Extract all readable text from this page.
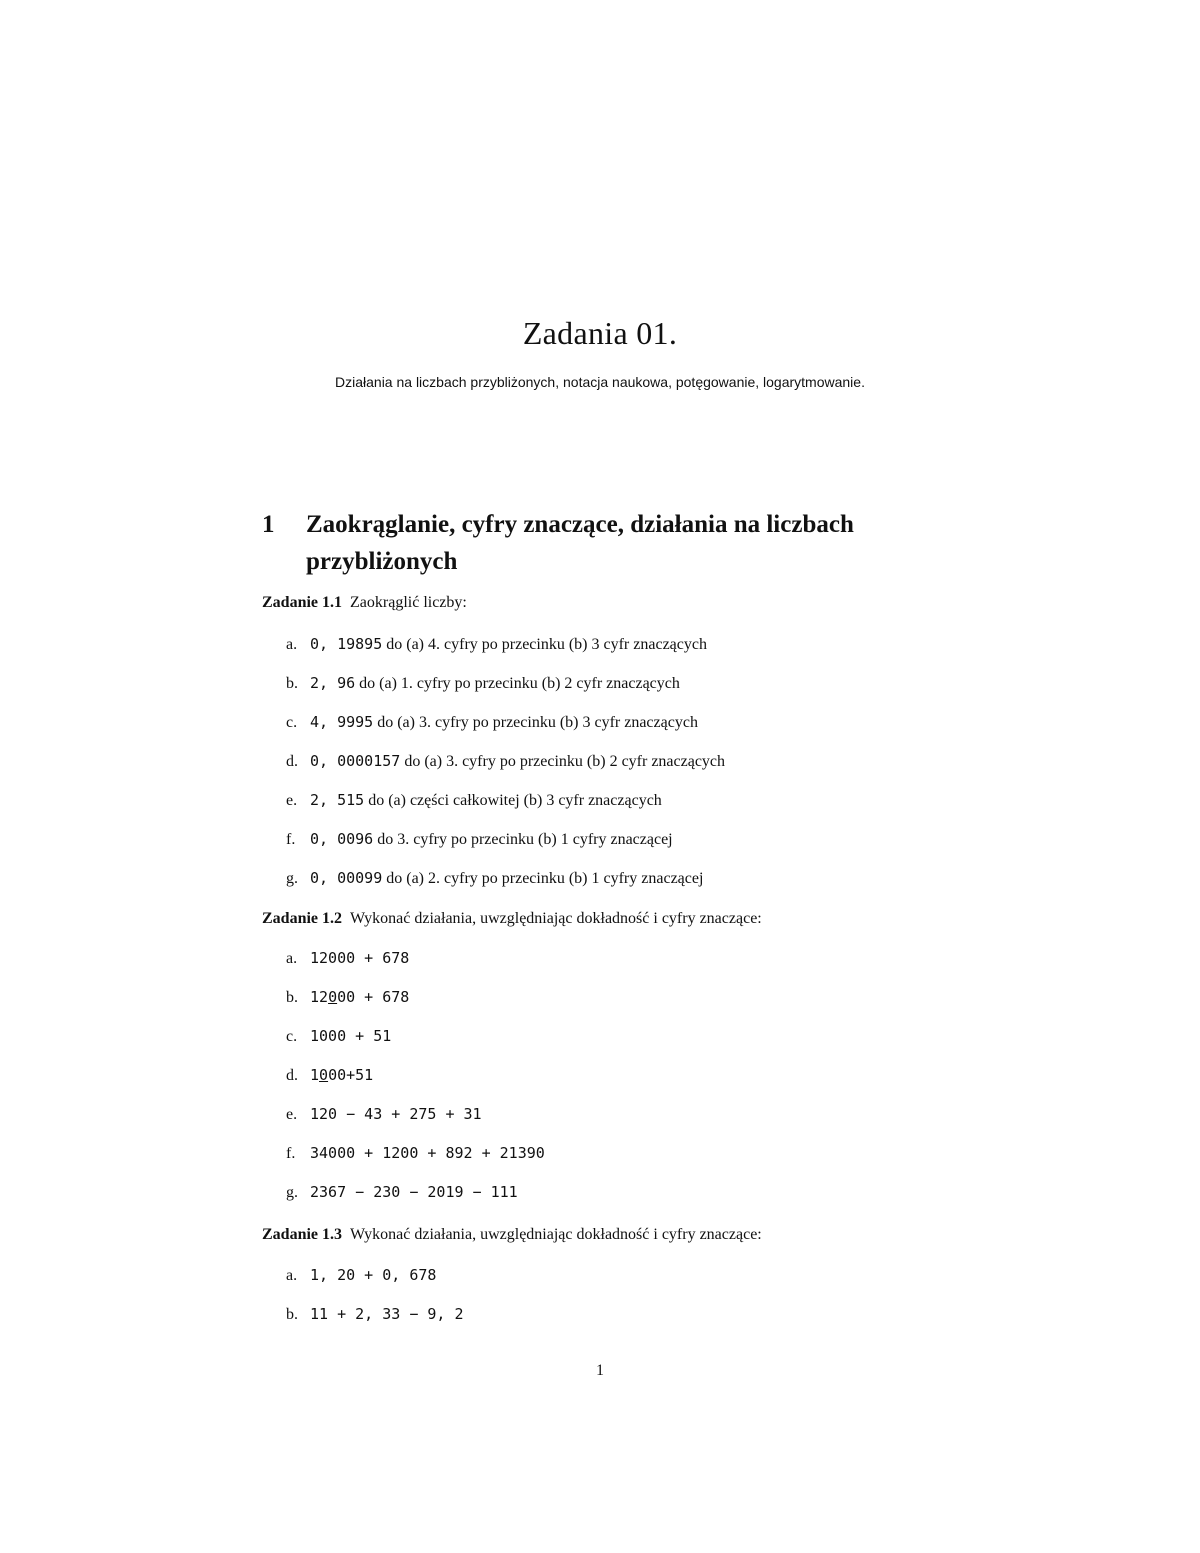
Zadania 01.
Działania na liczbach przybliżonych, notacja naukowa, potęgowanie, logarytmowanie.
1 Zaokrąglanie, cyfry znaczące, działania na liczbach przybliżonych
Zadanie 1.1 Zaokrąglić liczby:
a. 0, 19895 do (a) 4. cyfry po przecinku (b) 3 cyfr znaczących
b. 2, 96 do (a) 1. cyfry po przecinku (b) 2 cyfr znaczących
c. 4, 9995 do (a) 3. cyfry po przecinku (b) 3 cyfr znaczących
d. 0, 0000157 do (a) 3. cyfry po przecinku (b) 2 cyfr znaczących
e. 2, 515 do (a) części całkowitej (b) 3 cyfr znaczących
f. 0, 0096 do 3. cyfry po przecinku (b) 1 cyfry znaczącej
g. 0, 00099 do (a) 2. cyfry po przecinku (b) 1 cyfry znaczącej
Zadanie 1.2 Wykonać działania, uwzględniając dokładność i cyfry znaczące:
a. 12000 + 678
b. 12000 + 678
c. 1000 + 51
d. 1000+51
e. 120 − 43 + 275 + 31
f. 34000 + 1200 + 892 + 21390
g. 2367 − 230 − 2019 − 111
Zadanie 1.3 Wykonać działania, uwzględniając dokładność i cyfry znaczące:
a. 1, 20 + 0, 678
b. 11 + 2, 33 − 9, 2
1
